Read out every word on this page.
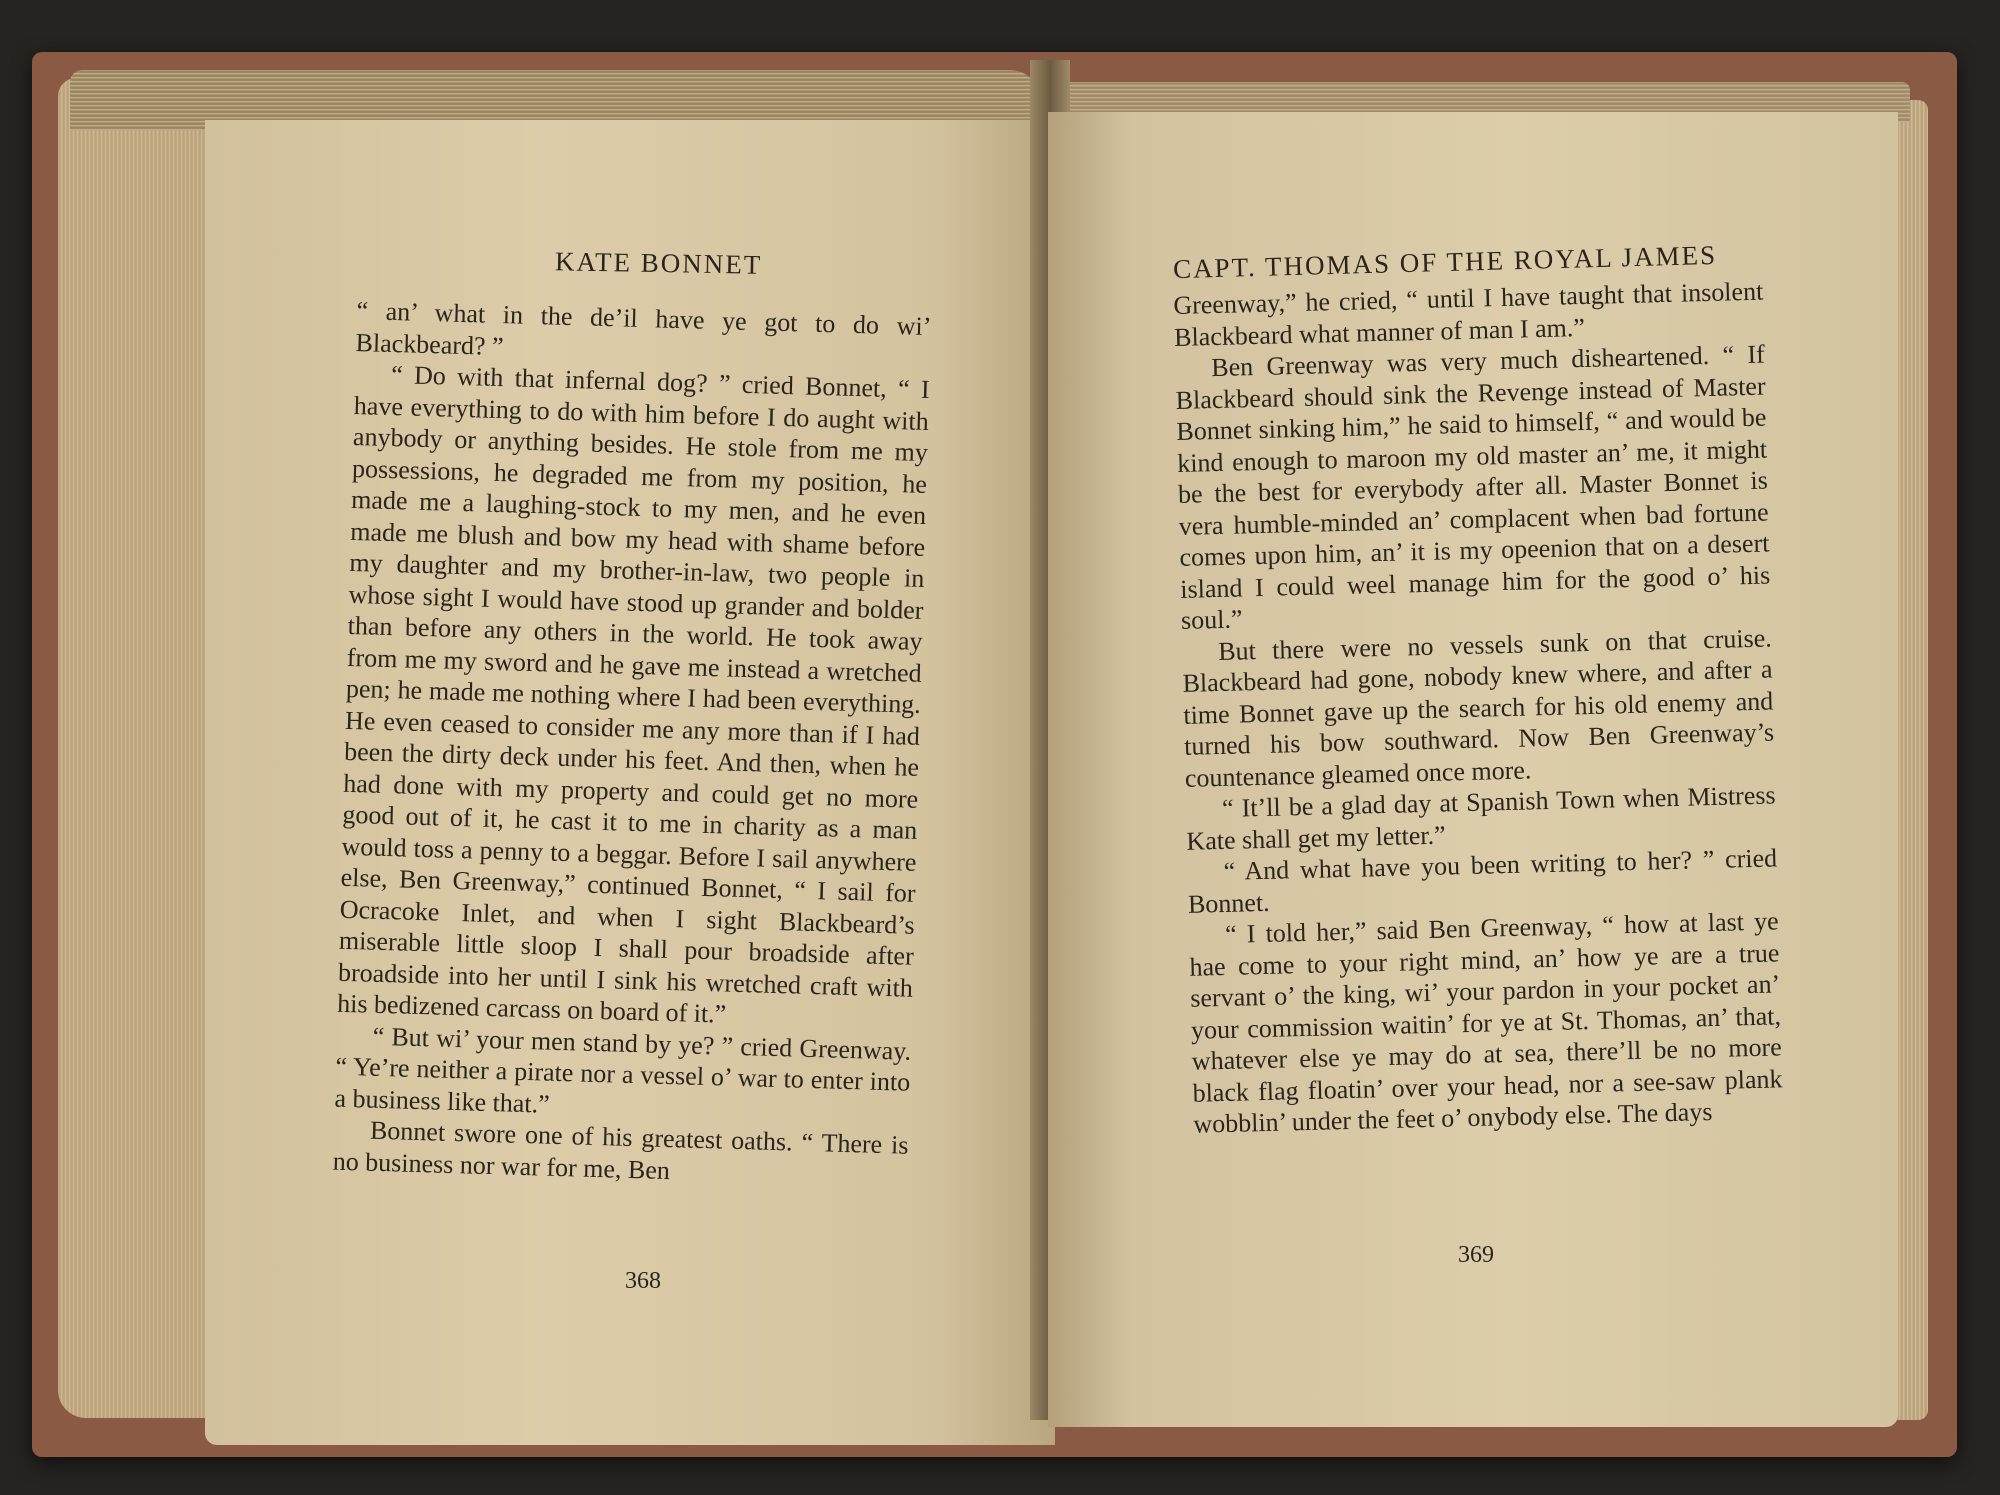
KATE BONNET

“ an’ what in the de’il have ye got to do wi’ Blackbeard? ”

“ Do with that infernal dog? ” cried Bonnet, “ I have everything to do with him before I do aught with anybody or anything besides. He stole from me my possessions, he degraded me from my position, he made me a laughing-stock to my men, and he even made me blush and bow my head with shame before my daughter and my brother-in-law, two people in whose sight I would have stood up grander and bolder than before any others in the world. He took away from me my sword and he gave me instead a wretched pen; he made me nothing where I had been everything. He even ceased to consider me any more than if I had been the dirty deck under his feet. And then, when he had done with my property and could get no more good out of it, he cast it to me in charity as a man would toss a penny to a beggar. Before I sail anywhere else, Ben Greenway,” continued Bonnet, “ I sail for Ocracoke Inlet, and when I sight Blackbeard’s miserable little sloop I shall pour broadside after broadside into her until I sink his wretched craft with his bedizened carcass on board of it.”

“ But wi’ your men stand by ye? ” cried Greenway. “ Ye’re neither a pirate nor a vessel o’ war to enter into a business like that.”

Bonnet swore one of his greatest oaths. “ There is no business nor war for me, Ben

368
CAPT. THOMAS OF THE ROYAL JAMES

Greenway,” he cried, “ until I have taught that insolent Blackbeard what manner of man I am.”

Ben Greenway was very much disheartened. “ If Blackbeard should sink the Revenge instead of Master Bonnet sinking him,” he said to himself, “ and would be kind enough to maroon my old master an’ me, it might be the best for everybody after all. Master Bonnet is vera humble-minded an’ complacent when bad fortune comes upon him, an’ it is my opeenion that on a desert island I could weel manage him for the good o’ his soul.”

But there were no vessels sunk on that cruise. Blackbeard had gone, nobody knew where, and after a time Bonnet gave up the search for his old enemy and turned his bow southward. Now Ben Greenway’s countenance gleamed once more.

“ It’ll be a glad day at Spanish Town when Mistress Kate shall get my letter.”

“ And what have you been writing to her? ” cried Bonnet.

“ I told her,” said Ben Greenway, “ how at last ye hae come to your right mind, an’ how ye are a true servant o’ the king, wi’ your pardon in your pocket an’ your commission waitin’ for ye at St. Thomas, an’ that, whatever else ye may do at sea, there’ll be no more black flag floatin’ over your head, nor a see-saw plank wobblin’ under the feet o’ onybody else. The days

369
